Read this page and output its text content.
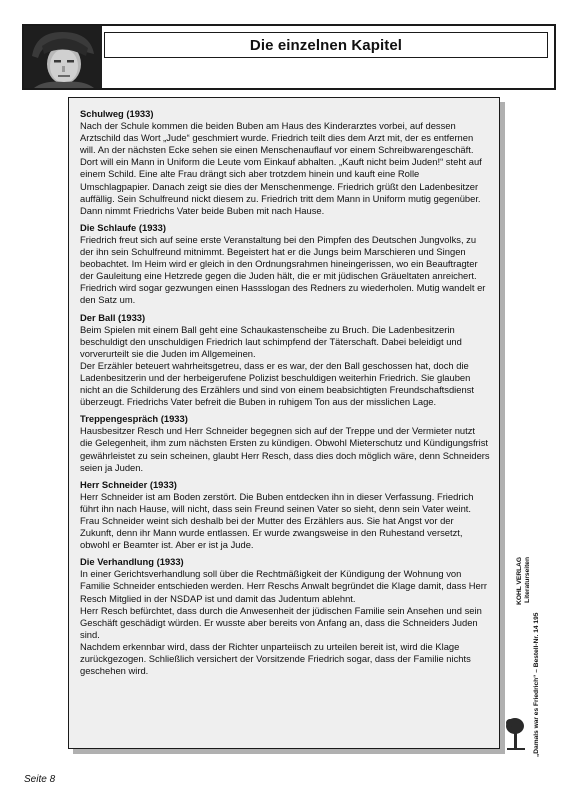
Die einzelnen Kapitel
Schulweg (1933)
Nach der Schule kommen die beiden Buben am Haus des Kinderarztes vorbei, auf dessen Arztschild das Wort „Jude“ geschmiert wurde. Friedrich teilt dies dem Arzt mit, der es entfernen will. An der nächsten Ecke sehen sie einen Menschenauflauf vor einem Schreibwarengeschäft. Dort will ein Mann in Uniform die Leute vom Einkauf abhalten. „Kauft nicht beim Juden!“ steht auf einem Schild. Eine alte Frau drängt sich aber trotzdem hinein und kauft eine Rolle Umschlagpapier. Danach zeigt sie dies der Menschenmenge. Friedrich grüßt den Ladenbesitzer auffällig. Sein Schulfreund nickt diesem zu. Friedrich tritt dem Mann in Uniform mutig gegenüber. Dann nimmt Friedrichs Vater beide Buben mit nach Hause.
Die Schlaufe (1933)
Friedrich freut sich auf seine erste Veranstaltung bei den Pimpfen des Deutschen Jungvolks, zu der ihn sein Schulfreund mitnimmt. Begeistert hat er die Jungs beim Marschieren und Singen beobachtet. Im Heim wird er gleich in den Ordnungsrahmen hineingerissen, wo ein Beauftragter der Gauleitung eine Hetzrede gegen die Juden hält, die er mit jüdischen Gräueltaten anreichert. Friedrich wird sogar gezwungen einen Hassslogan des Redners zu wiederholen. Mutig wandelt er den Satz um.
Der Ball (1933)
Beim Spielen mit einem Ball geht eine Schaukastenscheibe zu Bruch. Die Ladenbesitzerin beschuldigt den unschuldigen Friedrich laut schimpfend der Täterschaft. Dabei beleidigt und vorverurteilt sie die Juden im Allgemeinen.
Der Erzähler beteuert wahrheitsgetreu, dass er es war, der den Ball geschossen hat, doch die Ladenbesitzerin und der herbeigerufene Polizist beschuldigen weiterhin Friedrich. Sie glauben nicht an die Schilderung des Erzählers und sind von einem beabsichtigten Freundschaftsdienst überzeugt. Friedrichs Vater befreit die Buben in ruhigem Ton aus der misslichen Lage.
Treppengespräch (1933)
Hausbesitzer Resch und Herr Schneider begegnen sich auf der Treppe und der Vermieter nutzt die Gelegenheit, ihm zum nächsten Ersten zu kündigen. Obwohl Mieterschutz und Kündigungsfrist gewährleistet zu sein scheinen, glaubt Herr Resch, dass dies doch möglich wäre, denn Schneiders seien ja Juden.
Herr Schneider (1933)
Herr Schneider ist am Boden zerstört. Die Buben entdecken ihn in dieser Verfassung. Friedrich führt ihn nach Hause, will nicht, dass sein Freund seinen Vater so sieht, denn sein Vater weint. Frau Schneider weint sich deshalb bei der Mutter des Erzählers aus. Sie hat Angst vor der Zukunft, denn ihr Mann wurde entlassen. Er wurde zwangsweise in den Ruhestand versetzt, obwohl er Beamter ist. Aber er ist ja Jude.
Die Verhandlung (1933)
In einer Gerichtsverhandlung soll über die Rechtmäßigkeit der Kündigung der Wohnung von Familie Schneider entschieden werden. Herr Reschs Anwalt begründet die Klage damit, dass Herr Resch Mitglied in der NSDAP ist und damit das Judentum ablehnt.
Herr Resch befürchtet, dass durch die Anwesenheit der jüdischen Familie sein Ansehen und sein Geschäft geschädigt würden. Er wusste aber bereits von Anfang an, dass die Schneiders Juden sind.
Nachdem erkennbar wird, dass der Richter unparteiisch zu urteilen bereit ist, wird die Klage zurückgezogen. Schließlich versichert der Vorsitzende Friedrich sogar, dass der Familie nichts geschehen wird.
KOHL VERLAG Literaturseiten
„Damals war es Friedrich“ – Bestell-Nr. 14 195
Seite 8
